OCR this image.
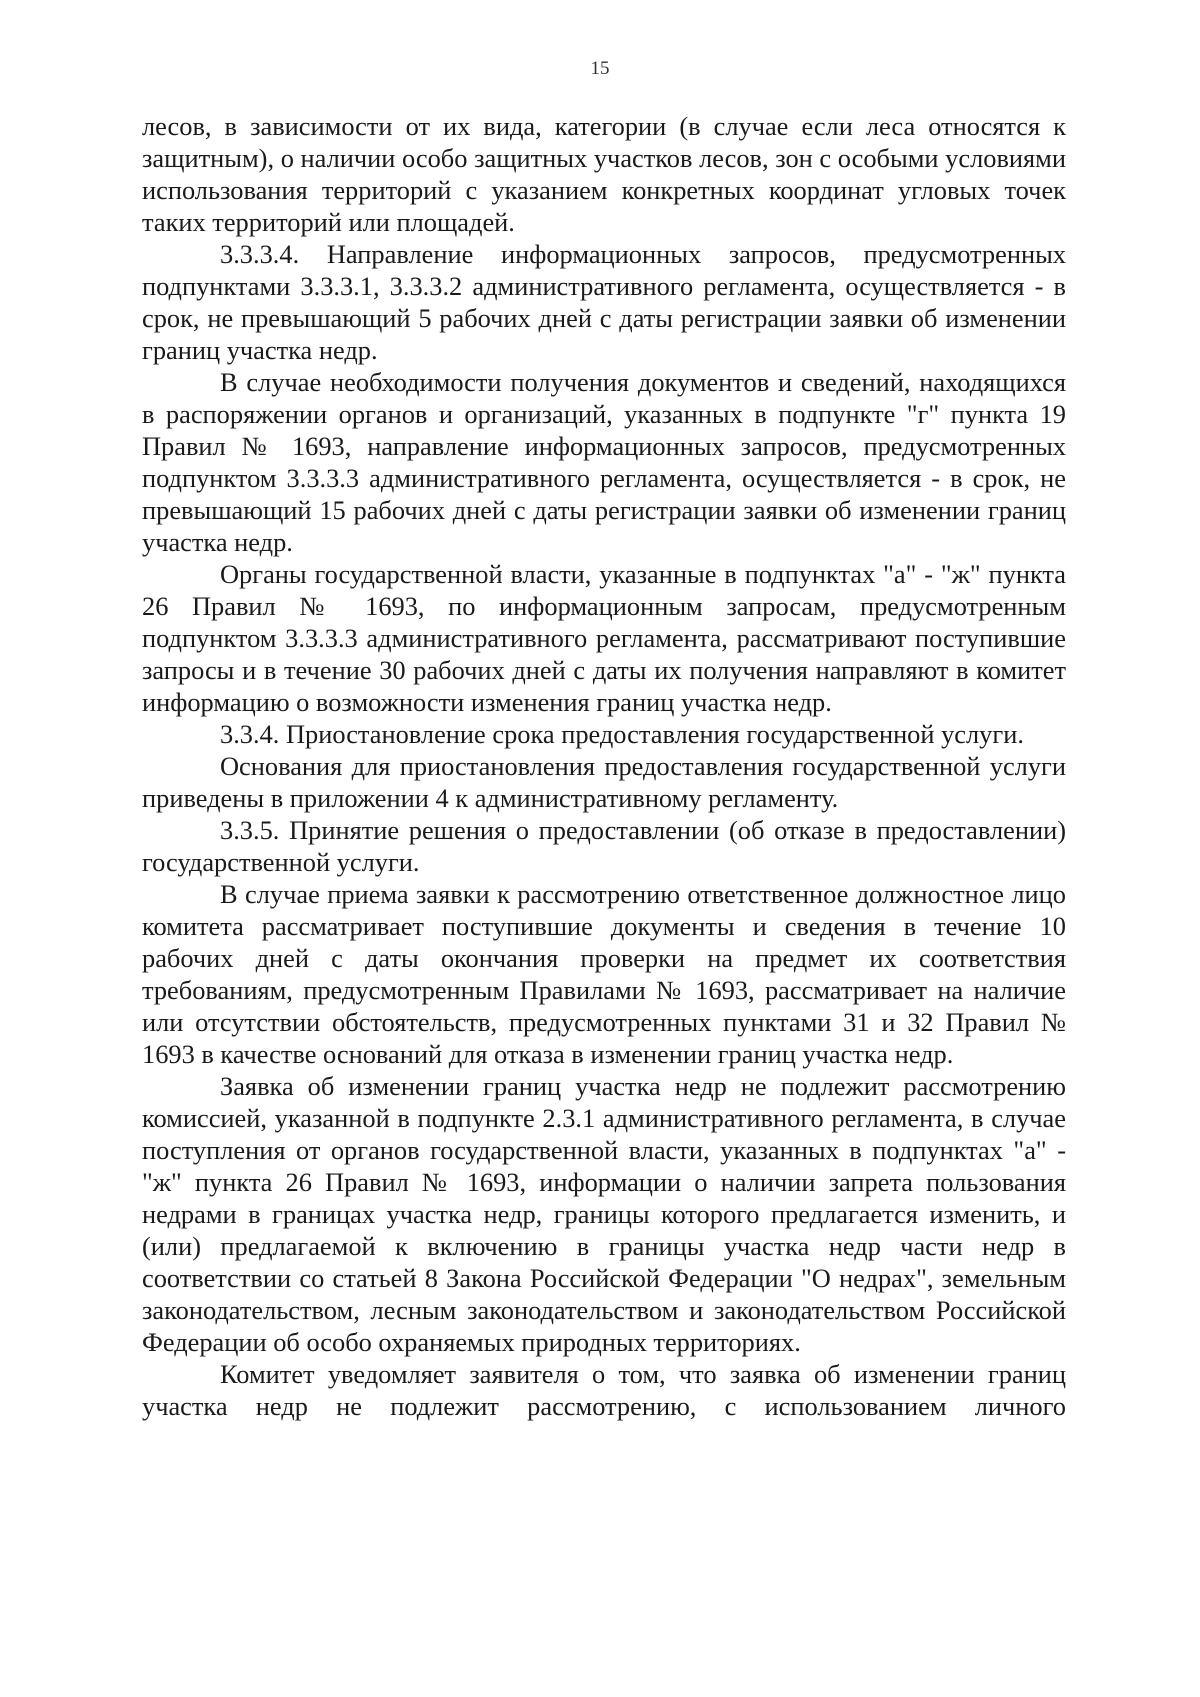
15

лесов, в зависимости от их вида, категории (в случае если леса относятся к защитным), о наличии особо защитных участков лесов, зон с особыми условиями использования территорий с указанием конкретных координат угловых точек таких территорий или площадей.

3.3.3.4. Направление информационных запросов, предусмотренных подпунктами 3.3.3.1, 3.3.3.2 административного регламента, осуществляется - в срок, не превышающий 5 рабочих дней с даты регистрации заявки об изменении границ участка недр.

В случае необходимости получения документов и сведений, находящихся в распоряжении органов и организаций, указанных в подпункте "г" пункта 19 Правил № 1693, направление информационных запросов, предусмотренных подпунктом 3.3.3.3 административного регламента, осуществляется - в срок, не превышающий 15 рабочих дней с даты регистрации заявки об изменении границ участка недр.

Органы государственной власти, указанные в подпунктах "а" - "ж" пункта 26 Правил № 1693, по информационным запросам, предусмотренным подпунктом 3.3.3.3 административного регламента, рассматривают поступившие запросы и в течение 30 рабочих дней с даты их получения направляют в комитет информацию о возможности изменения границ участка недр.

3.3.4. Приостановление срока предоставления государственной услуги.

Основания для приостановления предоставления государственной услуги приведены в приложении 4 к административному регламенту.

3.3.5. Принятие решения о предоставлении (об отказе в предоставлении) государственной услуги.

В случае приема заявки к рассмотрению ответственное должностное лицо комитета рассматривает поступившие документы и сведения в течение 10 рабочих дней с даты окончания проверки на предмет их соответствия требованиям, предусмотренным Правилами № 1693, рассматривает на наличие или отсутствии обстоятельств, предусмотренных пунктами 31 и 32 Правил № 1693 в качестве оснований для отказа в изменении границ участка недр.

Заявка об изменении границ участка недр не подлежит рассмотрению комиссией, указанной в подпункте 2.3.1 административного регламента, в случае поступления от органов государственной власти, указанных в подпунктах "а" - "ж" пункта 26 Правил № 1693, информации о наличии запрета пользования недрами в границах участка недр, границы которого предлагается изменить, и (или) предлагаемой к включению в границы участка недр части недр в соответствии со статьей 8 Закона Российской Федерации "О недрах", земельным законодательством, лесным законодательством и законодательством Российской Федерации об особо охраняемых природных территориях.

Комитет уведомляет заявителя о том, что заявка об изменении границ участка недр не подлежит рассмотрению, с использованием личного
